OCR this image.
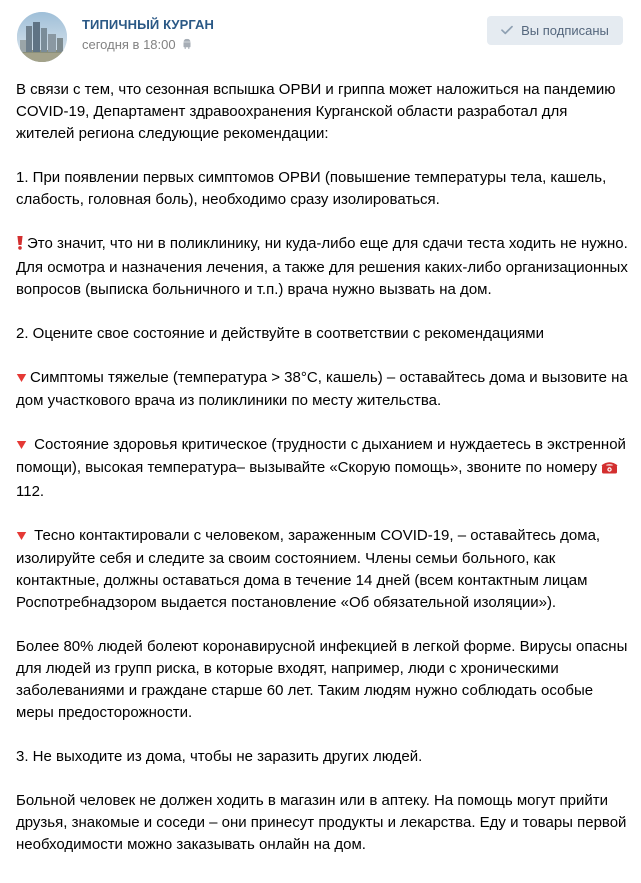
ТИПИЧНЫЙ КУРГАН
сегодня в 18:00
Вы подписаны

В связи с тем, что сезонная вспышка ОРВИ и гриппа может наложиться на пандемию COVID-19, Департамент здравоохранения Курганской области разработал для жителей региона следующие рекомендации:

1. При появлении первых симптомов ОРВИ (повышение температуры тела, кашель, слабость, головная боль), необходимо сразу изолироваться.

Это значит, что ни в поликлинику, ни куда-либо еще для сдачи теста ходить не нужно. Для осмотра и назначения лечения, а также для решения каких-либо организационных вопросов (выписка больничного и т.п.) врача нужно вызвать на дом.

2. Оцените свое состояние и действуйте в соответствии с рекомендациями

Симптомы тяжелые (температура > 38°С, кашель) – оставайтесь дома и вызовите на дом участкового врача из поликлиники по месту жительства.

Состояние здоровья критическое (трудности с дыханием и нуждаетесь в экстренной помощи), высокая температура– вызывайте «Скорую помощь», звоните по номеру  112.

Тесно контактировали с человеком, зараженным COVID-19, – оставайтесь дома, изолируйте себя и следите за своим состоянием. Члены семьи больного, как контактные, должны оставаться дома в течение 14 дней (всем контактным лицам Роспотребнадзором выдается постановление «Об обязательной изоляции»).

Более 80% людей болеют коронавирусной инфекцией в легкой форме. Вирусы опасны для людей из групп риска, в которые входят, например, люди с хроническими заболеваниями и граждане старше 60 лет. Таким людям нужно соблюдать особые меры предосторожности.

3. Не выходите из дома, чтобы не заразить других людей.

Больной человек не должен ходить в магазин или в аптеку. На помощь могут прийти друзья, знакомые и соседи – они принесут продукты и лекарства. Еду и товары первой необходимости можно заказывать онлайн на дом.
